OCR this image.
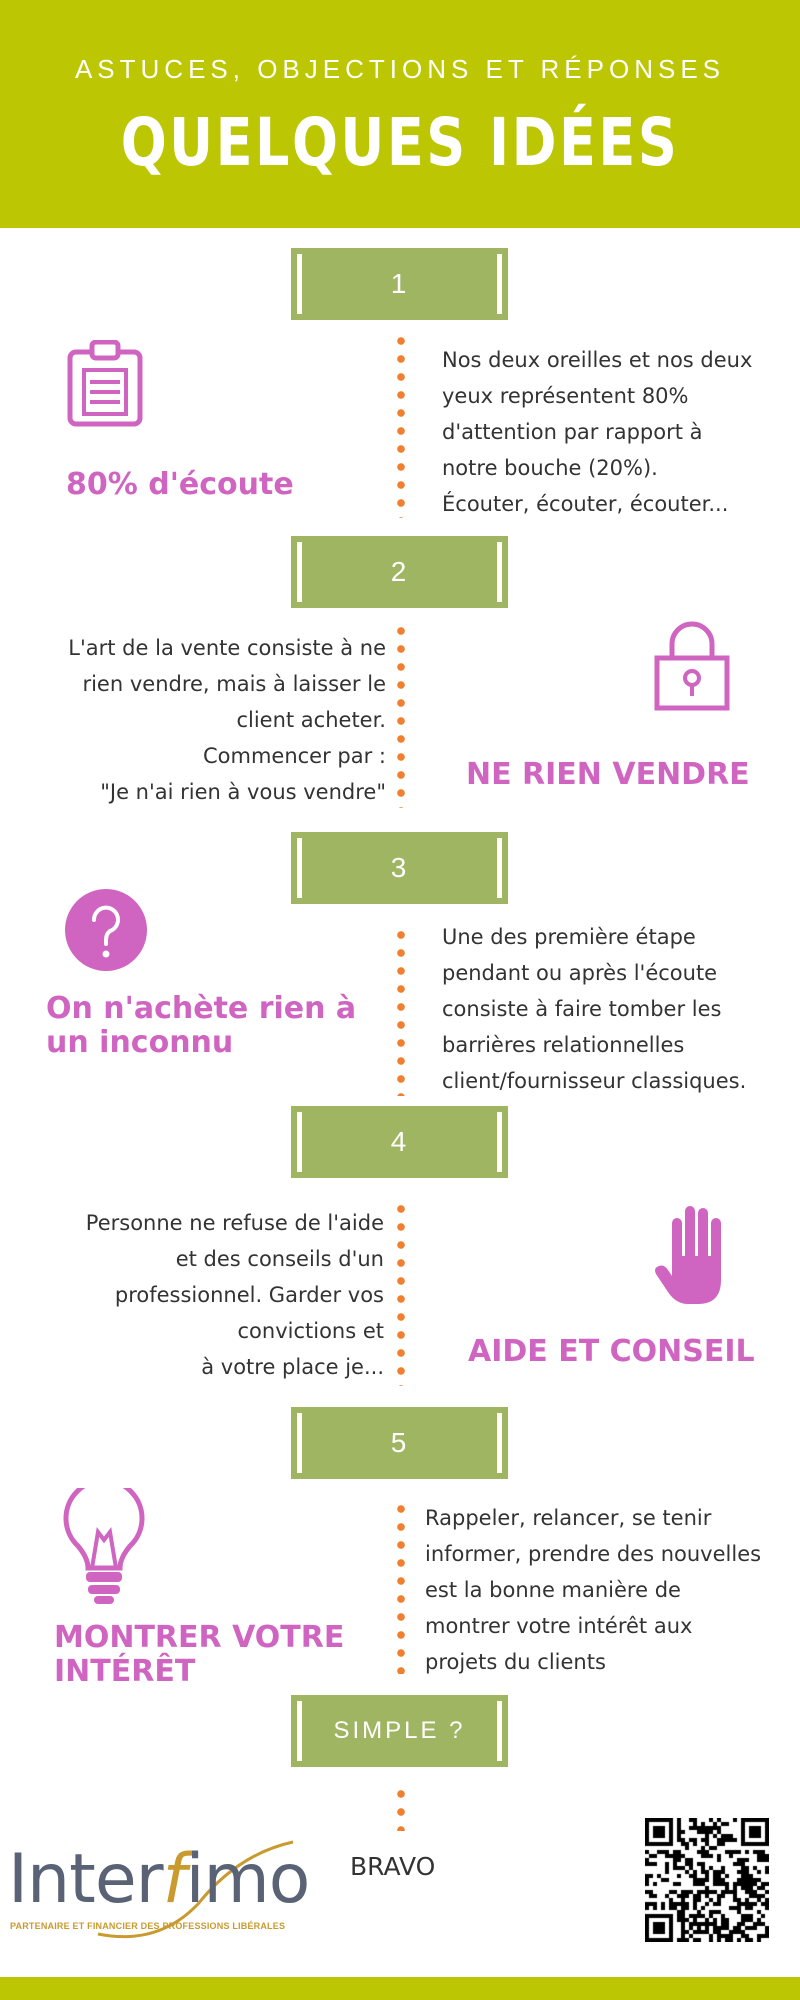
ASTUCES, OBJECTIONS ET RÉPONSES
QUELQUES IDÉES
1
80% d'écoute
Nos deux oreilles et nos deux
yeux représentent 80%
d'attention par rapport à
notre bouche (20%).
Écouter, écouter, écouter...
2
L'art de la vente consiste à ne
rien vendre, mais à laisser le
client acheter.
Commencer par :
"Je n'ai rien à vous vendre"	NE RIEN VENDRE
3
On n'achète rien à
un inconnu
Une des première étape
pendant ou après l'écoute
consiste à faire tomber les
barrières relationnelles
client/fournisseur classiques.
4
Personne ne refuse de l'aide
et des conseils d'un
professionnel. Garder vos
convictions et
à votre place je...	AIDE ET CONSEIL
5
MONTRER VOTRE
INTÉRÊT
Rappeler, relancer, se tenir
informer, prendre des nouvelles
est la bonne manière de
montrer votre intérêt aux
projets du clients
SIMPLE ?
BRAVO
Interfimo
PARTENAIRE ET FINANCIER DES PROFESSIONS LIBÉRALES
